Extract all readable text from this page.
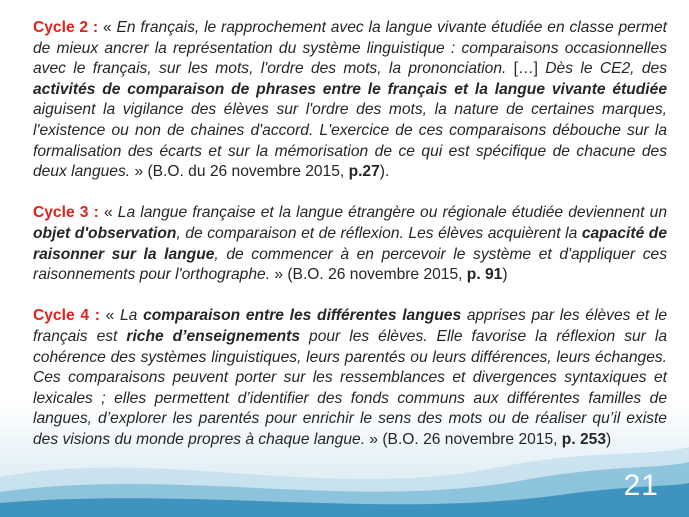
Cycle 2 : « En français, le rapprochement avec la langue vivante étudiée en classe permet de mieux ancrer la représentation du système linguistique : comparaisons occasionnelles avec le français, sur les mots, l'ordre des mots, la prononciation. […] Dès le CE2, des activités de comparaison de phrases entre le français et la langue vivante étudiée aiguisent la vigilance des élèves sur l'ordre des mots, la nature de certaines marques, l'existence ou non de chaines d'accord. L'exercice de ces comparaisons débouche sur la formalisation des écarts et sur la mémorisation de ce qui est spécifique de chacune des deux langues. » (B.O. du 26 novembre 2015, p.27).

Cycle 3 : « La langue française et la langue étrangère ou régionale étudiée deviennent un objet d'observation, de comparaison et de réflexion. Les élèves acquièrent la capacité de raisonner sur la langue, de commencer à en percevoir le système et d'appliquer ces raisonnements pour l'orthographe. » (B.O. 26 novembre 2015, p. 91)

Cycle 4 : « La comparaison entre les différentes langues apprises par les élèves et le français est riche d’enseignements pour les élèves. Elle favorise la réflexion sur la cohérence des systèmes linguistiques, leurs parentés ou leurs différences, leurs échanges. Ces comparaisons peuvent porter sur les ressemblances et divergences syntaxiques et lexicales ; elles permettent d’identifier des fonds communs aux différentes familles de langues, d’explorer les parentés pour enrichir le sens des mots ou de réaliser qu’il existe des visions du monde propres à chaque langue. » (B.O. 26 novembre 2015, p. 253)

21
